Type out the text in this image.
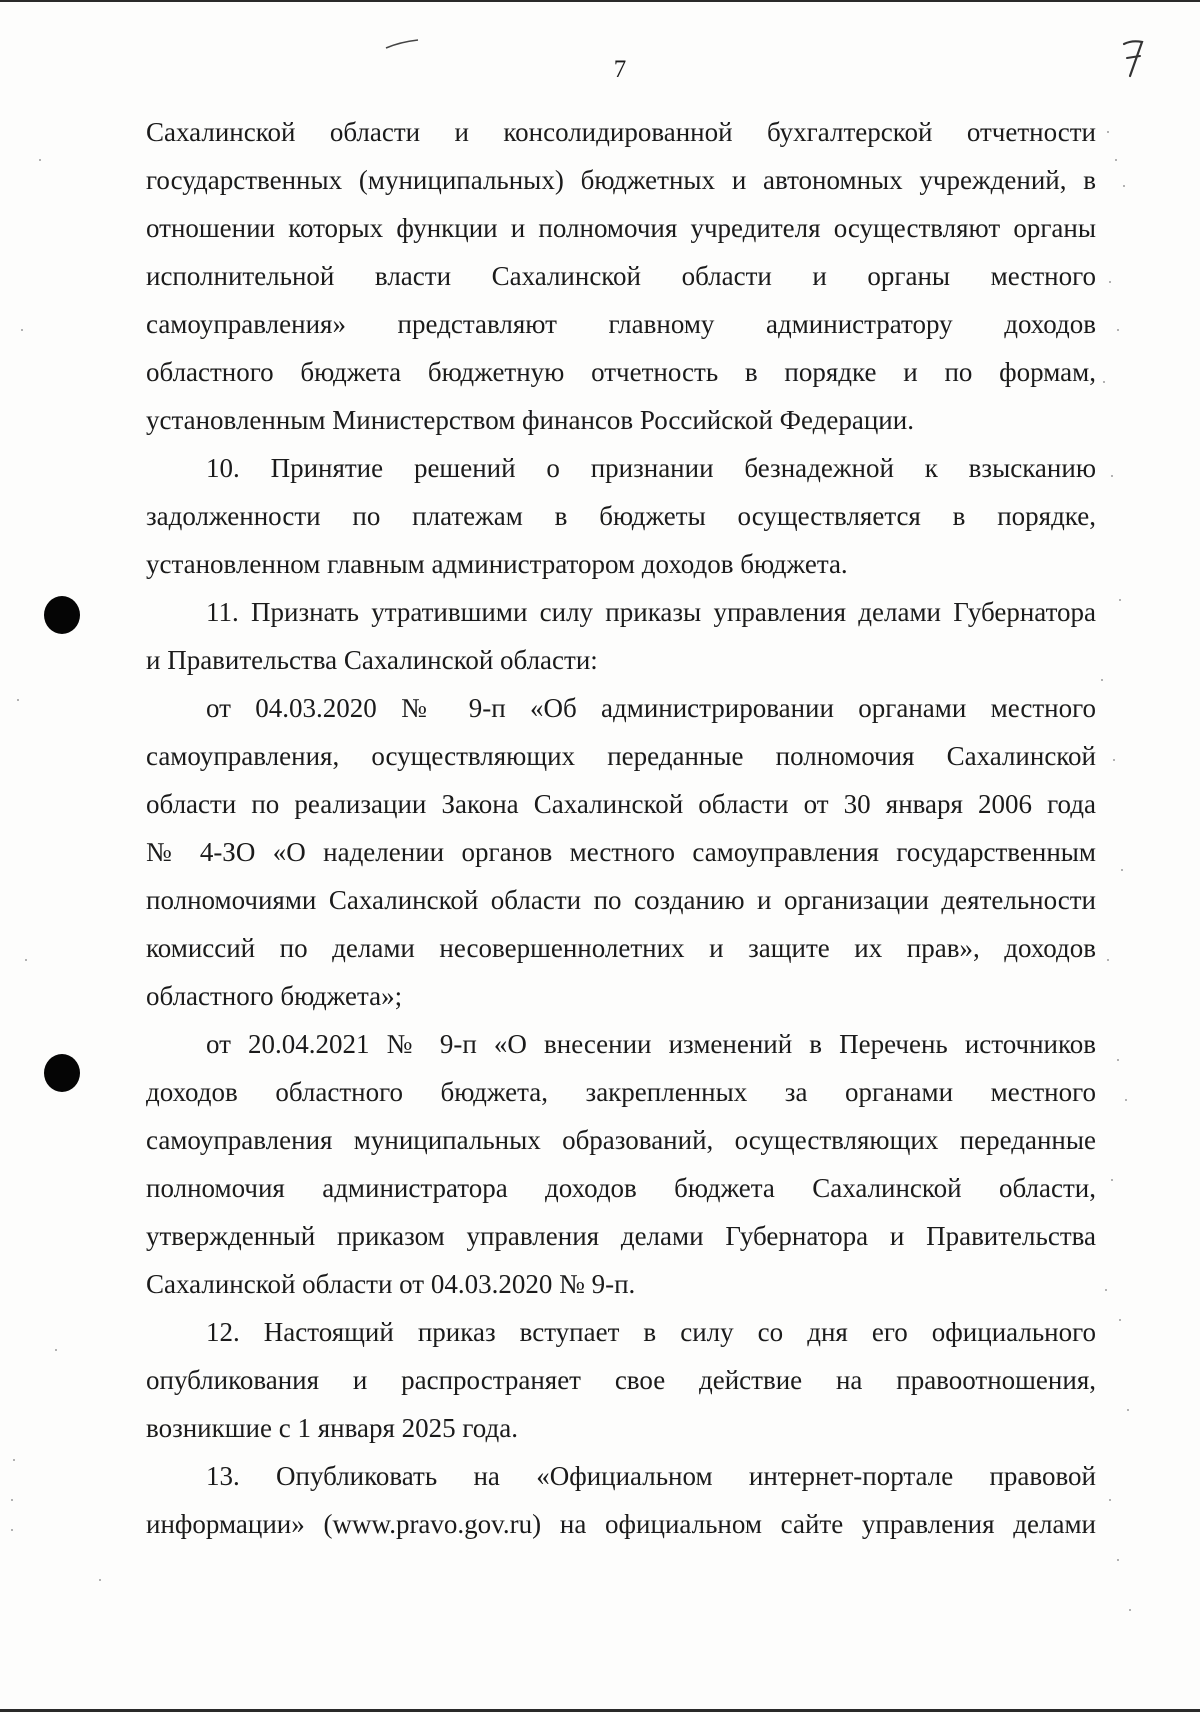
7
Сахалинской области и консолидированной бухгалтерской отчетности
государственных (муниципальных) бюджетных и автономных учреждений, в
отношении которых функции и полномочия учредителя осуществляют органы
исполнительной власти Сахалинской области и органы местного
самоуправления» представляют главному администратору доходов
областного бюджета бюджетную отчетность в порядке и по формам,
установленным Министерством финансов Российской Федерации.
10. Принятие решений о признании безнадежной к взысканию
задолженности по платежам в бюджеты осуществляется в порядке,
установленном главным администратором доходов бюджета.
11. Признать утратившими силу приказы управления делами Губернатора
и Правительства Сахалинской области:
от 04.03.2020 № 9-п «Об администрировании органами местного
самоуправления, осуществляющих переданные полномочия Сахалинской
области по реализации Закона Сахалинской области от 30 января 2006 года
№ 4-ЗО «О наделении органов местного самоуправления государственным
полномочиями Сахалинской области по созданию и организации деятельности
комиссий по делами несовершеннолетних и защите их прав», доходов
областного бюджета»;
от 20.04.2021 № 9-п «О внесении изменений в Перечень источников
доходов областного бюджета, закрепленных за органами местного
самоуправления муниципальных образований, осуществляющих переданные
полномочия администратора доходов бюджета Сахалинской области,
утвержденный приказом управления делами Губернатора и Правительства
Сахалинской области от 04.03.2020 № 9-п.
12. Настоящий приказ вступает в силу со дня его официального
опубликования и распространяет свое действие на правоотношения,
возникшие с 1 января 2025 года.
13. Опубликовать на «Официальном интернет-портале правовой
информации» (www.pravo.gov.ru) на официальном сайте управления делами
